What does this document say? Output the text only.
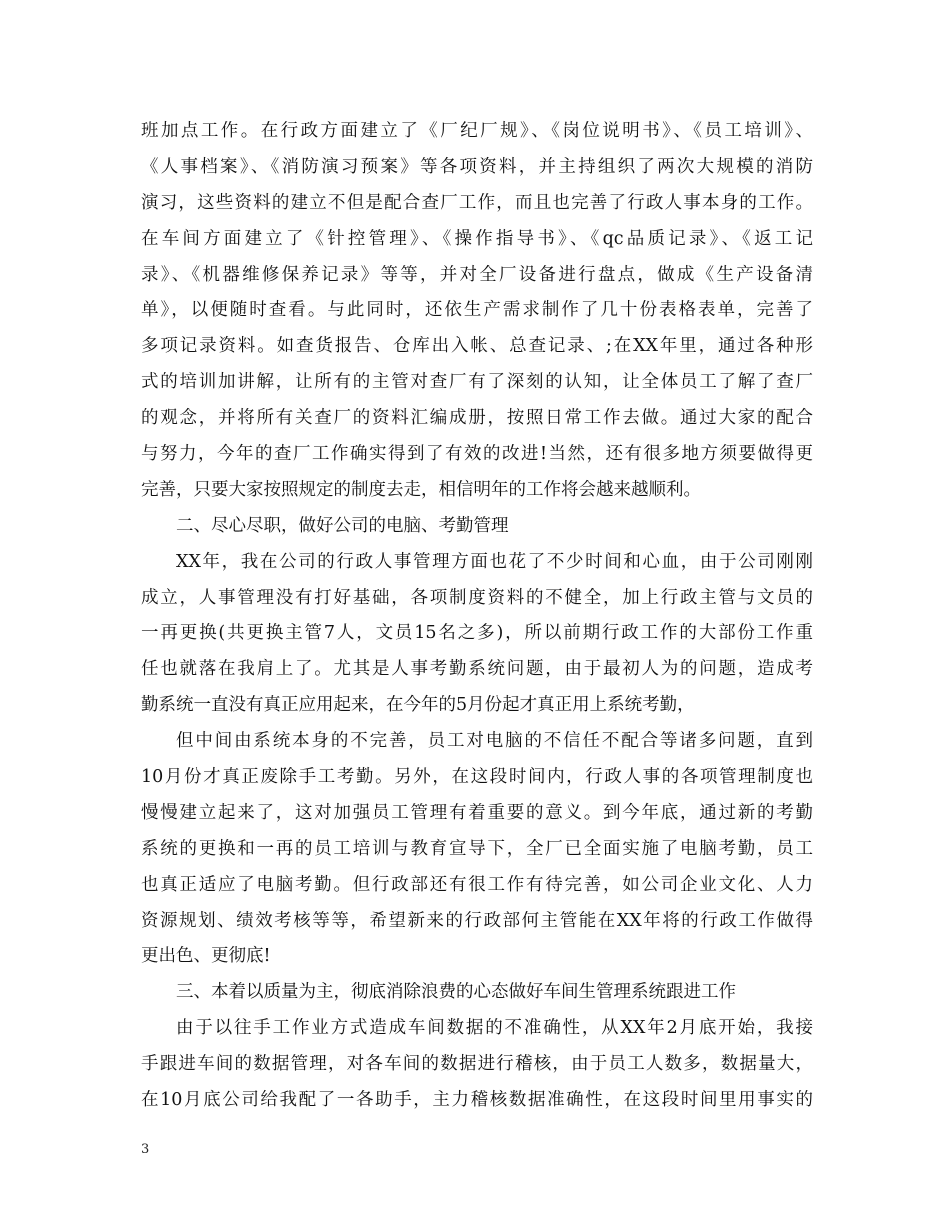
班加点工作。在行政方面建立了《厂纪厂规》、《岗位说明书》、《员工培训》、
《人事档案》、《消防演习预案》等各项资料，并主持组织了两次大规模的消防
演习，这些资料的建立不但是配合查厂工作，而且也完善了行政人事本身的工作。
在车间方面建立了《针控管理》、《操作指导书》、《qc品质记录》、《返工记
录》、《机器维修保养记录》等等，并对全厂设备进行盘点，做成《生产设备清
单》，以便随时查看。与此同时，还依生产需求制作了几十份表格表单，完善了
多项记录资料。如查货报告、仓库出入帐、总查记录、;在XX年里，通过各种形
式的培训加讲解，让所有的主管对查厂有了深刻的认知，让全体员工了解了查厂
的观念，并将所有关查厂的资料汇编成册，按照日常工作去做。通过大家的配合
与努力，今年的查厂工作确实得到了有效的改进!当然，还有很多地方须要做得更
完善，只要大家按照规定的制度去走，相信明年的工作将会越来越顺利。
二、尽心尽职，做好公司的电脑、考勤管理
XX年，我在公司的行政人事管理方面也花了不少时间和心血，由于公司刚刚
成立，人事管理没有打好基础，各项制度资料的不健全，加上行政主管与文员的
一再更换(共更换主管7人，文员15名之多)，所以前期行政工作的大部份工作重
任也就落在我肩上了。尤其是人事考勤系统问题，由于最初人为的问题，造成考
勤系统一直没有真正应用起来，在今年的5月份起才真正用上系统考勤，
但中间由系统本身的不完善，员工对电脑的不信任不配合等诸多问题，直到
10月份才真正废除手工考勤。另外，在这段时间内，行政人事的各项管理制度也
慢慢建立起来了，这对加强员工管理有着重要的意义。到今年底，通过新的考勤
系统的更换和一再的员工培训与教育宣导下，全厂已全面实施了电脑考勤，员工
也真正适应了电脑考勤。但行政部还有很工作有待完善，如公司企业文化、人力
资源规划、绩效考核等等，希望新来的行政部何主管能在XX年将的行政工作做得
更出色、更彻底!
三、本着以质量为主，彻底消除浪费的心态做好车间生管理系统跟进工作
由于以往手工作业方式造成车间数据的不准确性，从XX年2月底开始，我接
手跟进车间的数据管理，对各车间的数据进行稽核，由于员工人数多，数据量大，
在10月底公司给我配了一各助手，主力稽核数据准确性，在这段时间里用事实的
3
